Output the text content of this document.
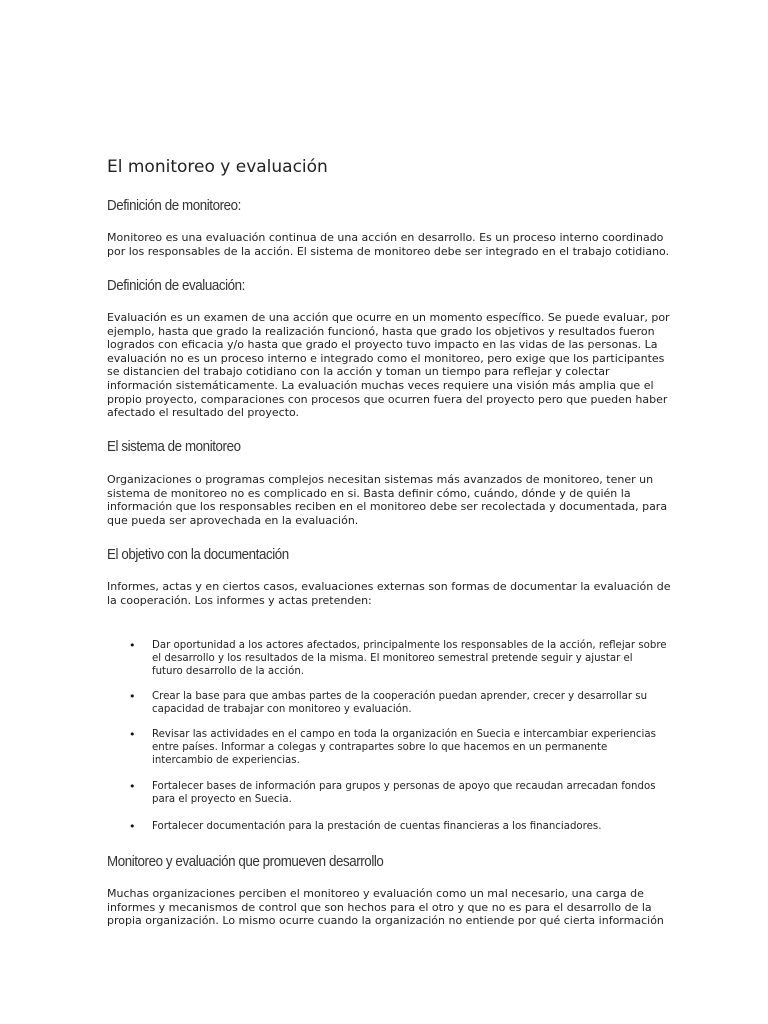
El monitoreo y evaluación
Definición de monitoreo:
Monitoreo es una evaluación continua de una acción en desarrollo. Es un proceso interno coordinado
por los responsables de la acción. El sistema de monitoreo debe ser integrado en el trabajo cotidiano.
Definición de evaluación:
Evaluación es un examen de una acción que ocurre en un momento específico. Se puede evaluar, por
ejemplo, hasta que grado la realización funcionó, hasta que grado los objetivos y resultados fueron
logrados con eficacia y/o hasta que grado el proyecto tuvo impacto en las vidas de las personas. La
evaluación no es un proceso interno e integrado como el monitoreo, pero exige que los participantes
se distancien del trabajo cotidiano con la acción y toman un tiempo para reflejar y colectar
información sistemáticamente. La evaluación muchas veces requiere una visión más amplia que el
propio proyecto, comparaciones con procesos que ocurren fuera del proyecto pero que pueden haber
afectado el resultado del proyecto.
El sistema de monitoreo
Organizaciones o programas complejos necesitan sistemas más avanzados de monitoreo, tener un
sistema de monitoreo no es complicado en si. Basta definir cómo, cuándo, dónde y de quién la
información que los responsables reciben en el monitoreo debe ser recolectada y documentada, para
que pueda ser aprovechada en la evaluación.
El objetivo con la documentación
Informes, actas y en ciertos casos, evaluaciones externas son formas de documentar la evaluación de
la cooperación. Los informes y actas pretenden:
• Dar oportunidad a los actores afectados, principalmente los responsables de la acción, reflejar sobre
el desarrollo y los resultados de la misma. El monitoreo semestral pretende seguir y ajustar el
futuro desarrollo de la acción.
• Crear la base para que ambas partes de la cooperación puedan aprender, crecer y desarrollar su
capacidad de trabajar con monitoreo y evaluación.
• Revisar las actividades en el campo en toda la organización en Suecia e intercambiar experiencias
entre países. Informar a colegas y contrapartes sobre lo que hacemos en un permanente
intercambio de experiencias.
• Fortalecer bases de información para grupos y personas de apoyo que recaudan arrecadan fondos
para el proyecto en Suecia.
• Fortalecer documentación para la prestación de cuentas financieras a los financiadores.
Monitoreo y evaluación que promueven desarrollo
Muchas organizaciones perciben el monitoreo y evaluación como un mal necesario, una carga de
informes y mecanismos de control que son hechos para el otro y que no es para el desarrollo de la
propia organización. Lo mismo ocurre cuando la organización no entiende por qué cierta información
